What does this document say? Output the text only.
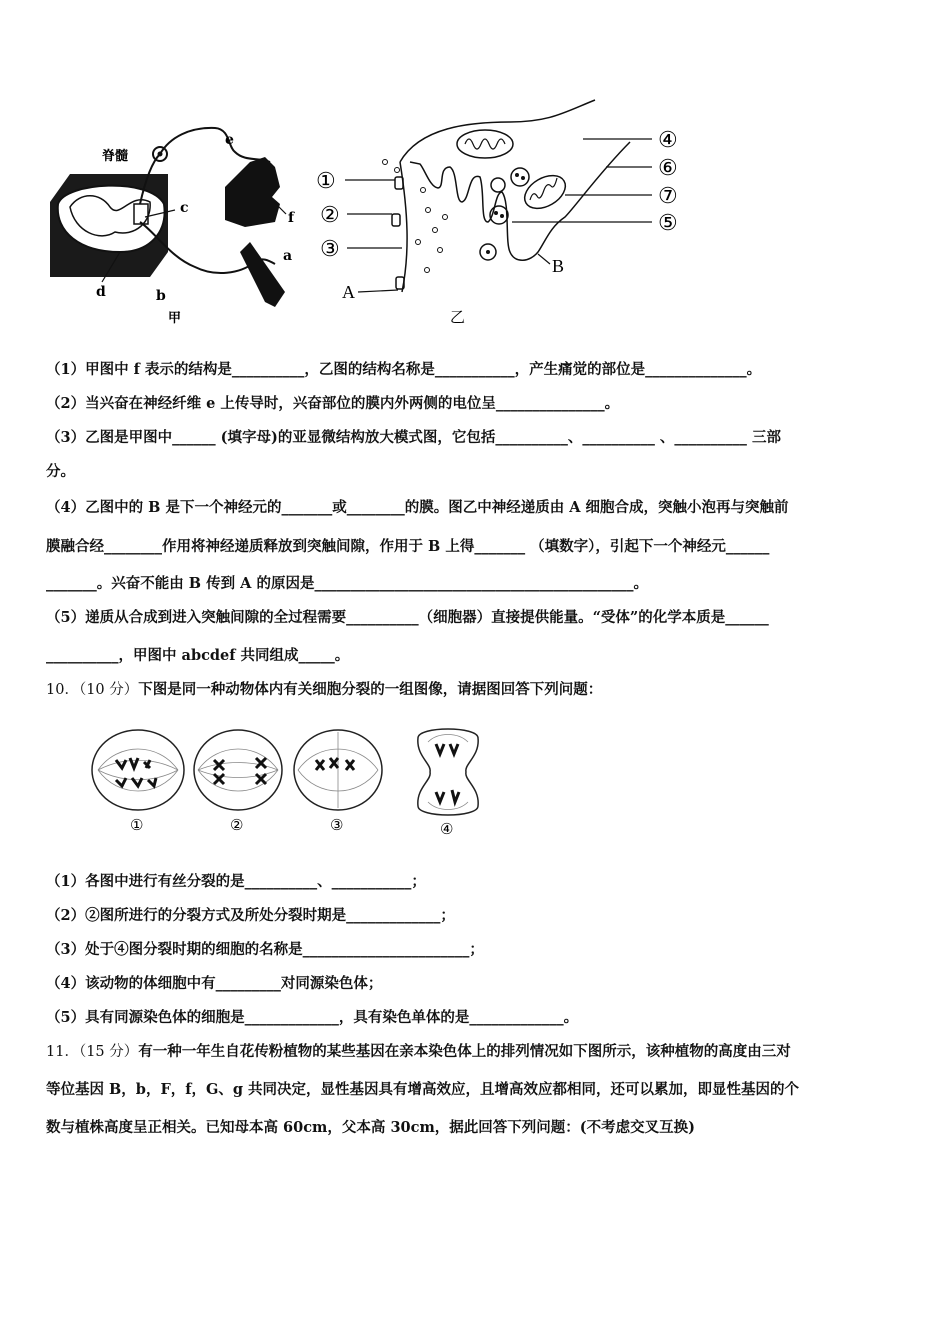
脊髓
e
c
f
a
d	b
甲
①
②
③
A
④
⑥
⑦
⑤
B
乙
（1）甲图中 f 表示的结构是__________，乙图的结构名称是___________，产生痛觉的部位是______________。
（2）当兴奋在神经纤维 e 上传导时，兴奋部位的膜内外两侧的电位呈_______________。
（3）乙图是甲图中______ (填字母)的亚显微结构放大模式图，它包括__________、__________ 、__________ 三部
分。
（4）乙图中的 B 是下一个神经元的_______或________的膜。图乙中神经递质由 A 细胞合成，突触小泡再与突触前
膜融合经________作用将神经递质释放到突触间隙，作用于 B 上得_______ （填数字），引起下一个神经元______
_______。兴奋不能由 B 传到 A 的原因是____________________________________________。
（5）递质从合成到进入突触间隙的全过程需要__________（细胞器）直接提供能量。“受体”的化学本质是______
__________，甲图中 abcdef 共同组成_____。
10．（10 分）下图是同一种动物体内有关细胞分裂的一组图像，请据图回答下列问题：
①	②	③	④
（1）各图中进行有丝分裂的是__________、___________；
（2）②图所进行的分裂方式及所处分裂时期是_____________；
（3）处于④图分裂时期的细胞的名称是_______________________；
（4）该动物的体细胞中有_________对同源染色体；
（5）具有同源染色体的细胞是_____________，具有染色单体的是_____________。
11．（15 分）有一种一年生自花传粉植物的某些基因在亲本染色体上的排列情况如下图所示，该种植物的高度由三对
等位基因 B，b，F，f，G、g 共同决定，显性基因具有增高效应，且增高效应都相同，还可以累加，即显性基因的个
数与植株高度呈正相关。已知母本高 60cm，父本高 30cm，据此回答下列问题：(不考虑交叉互换)
